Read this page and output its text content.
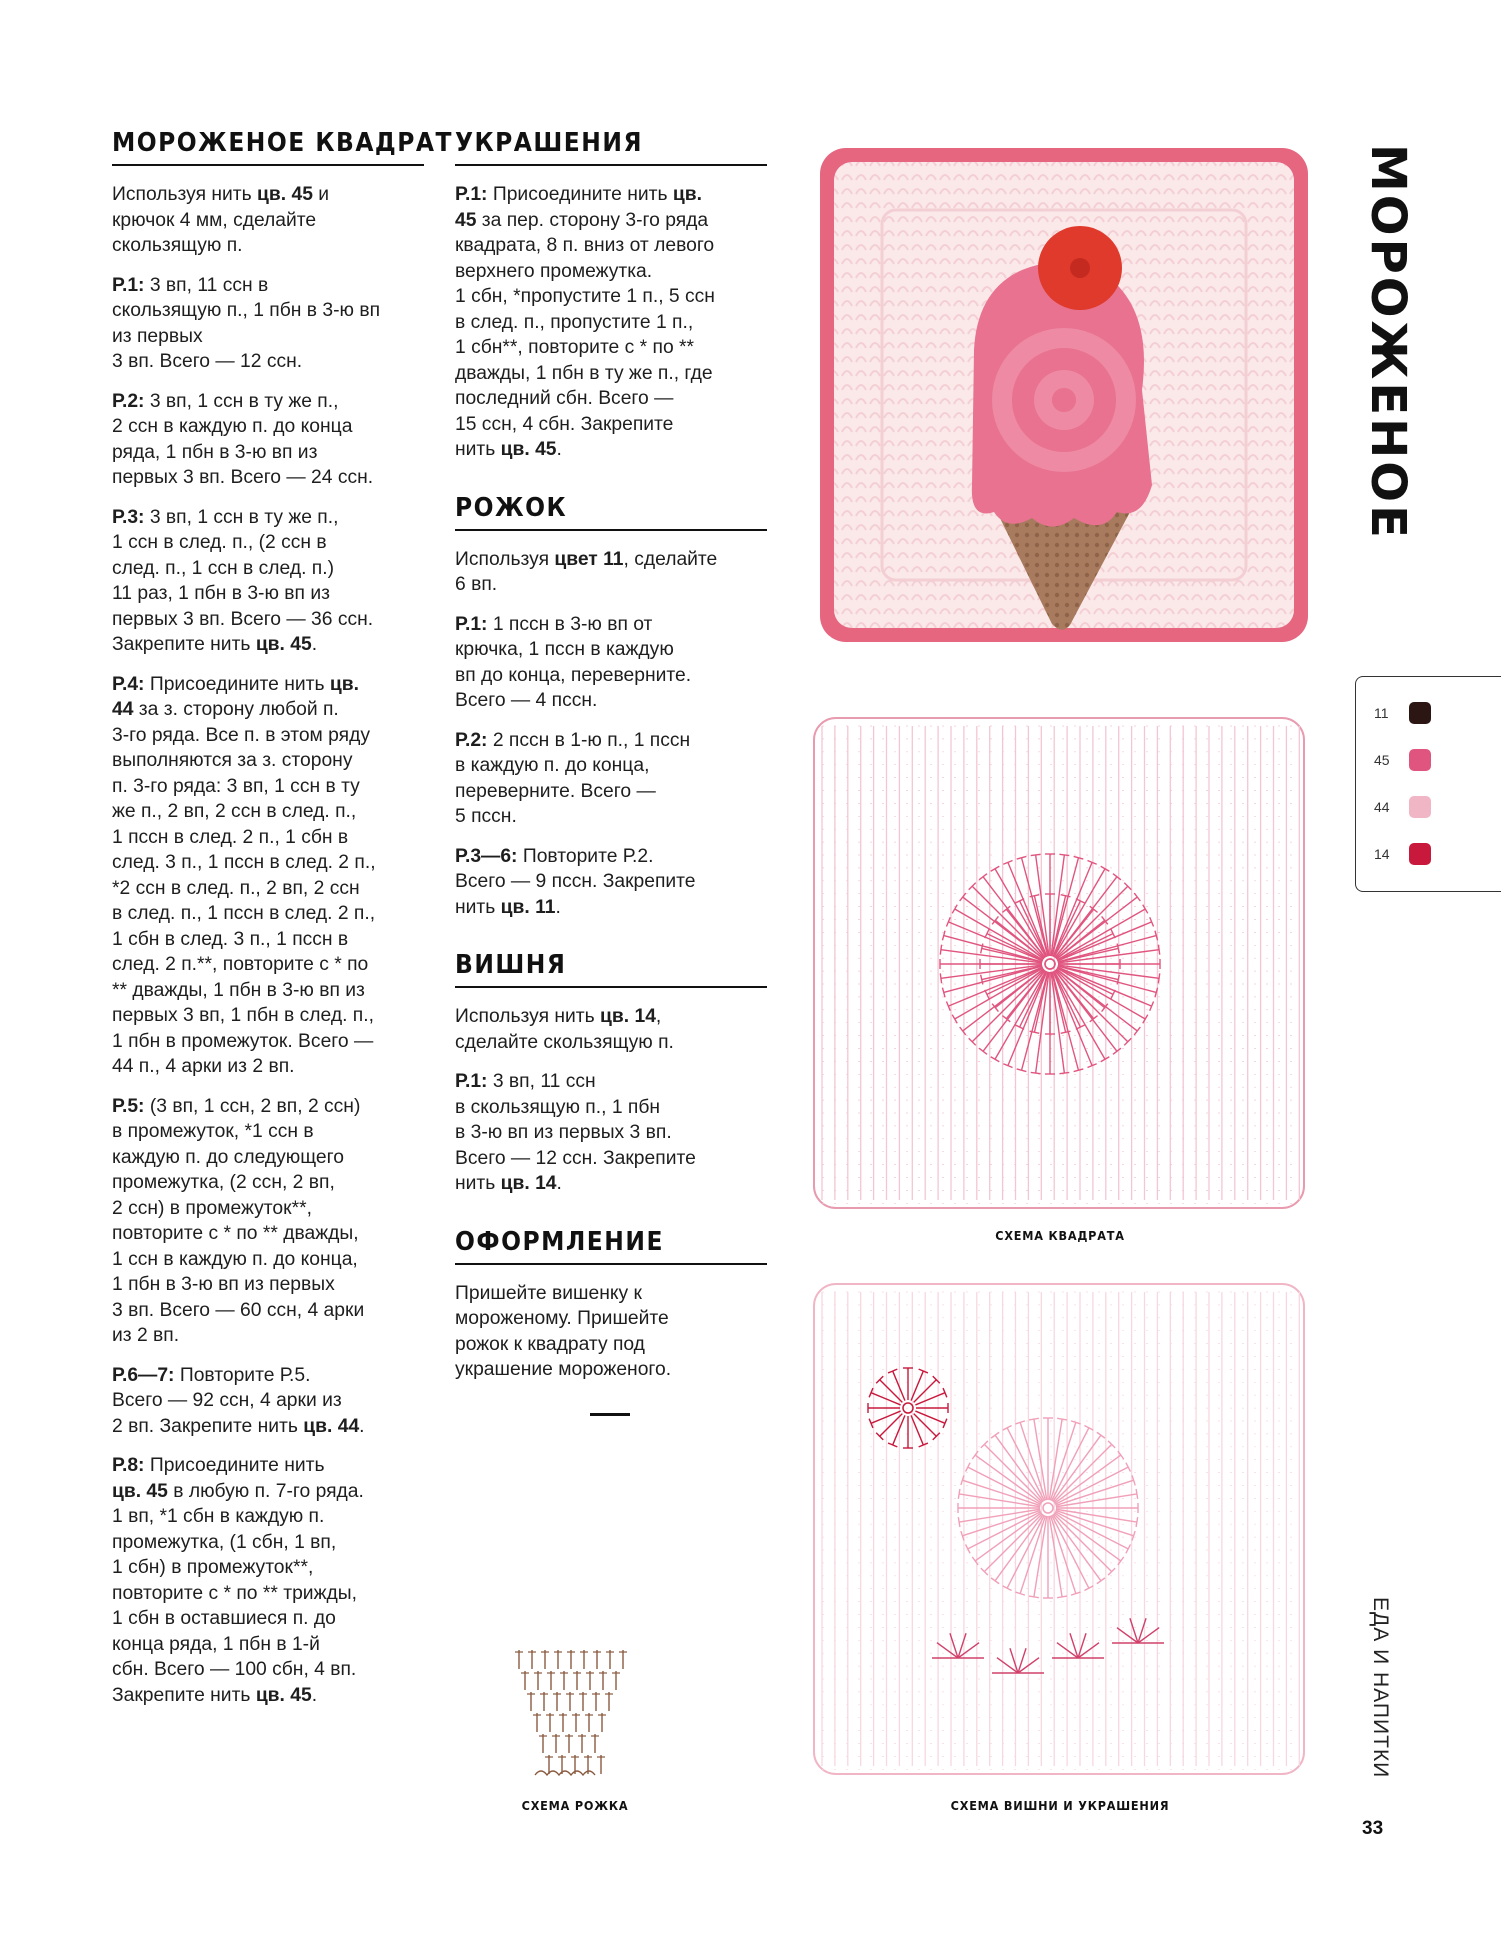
МОРОЖЕНОЕ КВАДРАТ
Используя нить цв. 45 и
крючок 4 мм, сделайте
скользящую п.
Р.1: 3 вп, 11 ссн в
скользящую п., 1 пбн в 3-ю вп
из первых
3 вп. Всего — 12 ссн.
Р.2: 3 вп, 1 ссн в ту же п.,
2 ссн в каждую п. до конца
ряда, 1 пбн в 3-ю вп из
первых 3 вп. Всего — 24 ссн.
Р.3: 3 вп, 1 ссн в ту же п.,
1 ссн в след. п., (2 ссн в
след. п., 1 ссн в след. п.)
11 раз, 1 пбн в 3-ю вп из
первых 3 вп. Всего — 36 ссн.
Закрепите нить цв. 45.
Р.4: Присоедините нить цв.
44 за з. сторону любой п.
3-го ряда. Все п. в этом ряду
выполняются за з. сторону
п. 3-го ряда: 3 вп, 1 ссн в ту
же п., 2 вп, 2 ссн в след. п.,
1 пссн в след. 2 п., 1 сбн в
след. 3 п., 1 пссн в след. 2 п.,
*2 ссн в след. п., 2 вп, 2 ссн
в след. п., 1 пссн в след. 2 п.,
1 сбн в след. 3 п., 1 пссн в
след. 2 п.**, повторите с * по
** дважды, 1 пбн в 3-ю вп из
первых 3 вп, 1 пбн в след. п.,
1 пбн в промежуток. Всего —
44 п., 4 арки из 2 вп.
Р.5: (3 вп, 1 ссн, 2 вп, 2 ссн)
в промежуток, *1 ссн в
каждую п. до следующего
промежутка, (2 ссн, 2 вп,
2 ссн) в промежуток**,
повторите с * по ** дважды,
1 ссн в каждую п. до конца,
1 пбн в 3-ю вп из первых
3 вп. Всего — 60 ссн, 4 арки
из 2 вп.
Р.6—7: Повторите Р.5.
Всего — 92 ссн, 4 арки из
2 вп. Закрепите нить цв. 44.
Р.8: Присоедините нить
цв. 45 в любую п. 7-го ряда.
1 вп, *1 сбн в каждую п.
промежутка, (1 сбн, 1 вп,
1 сбн) в промежуток**,
повторите с * по ** трижды,
1 сбн в оставшиеся п. до
конца ряда, 1 пбн в 1-й
сбн. Всего — 100 сбн, 4 вп.
Закрепите нить цв. 45.
УКРАШЕНИЯ
Р.1: Присоедините нить цв.
45 за пер. сторону 3-го ряда
квадрата, 8 п. вниз от левого
верхнего промежутка.
1 сбн, *пропустите 1 п., 5 ссн
в след. п., пропустите 1 п.,
1 сбн**, повторите с * по **
дважды, 1 пбн в ту же п., где
последний сбн. Всего —
15 ссн, 4 сбн. Закрепите
нить цв. 45.
РОЖОК
Используя цвет 11, сделайте
6 вп.
Р.1: 1 пссн в 3-ю вп от
крючка, 1 пссн в каждую
вп до конца, переверните.
Всего — 4 пссн.
Р.2: 2 пссн в 1-ю п., 1 пссн
в каждую п. до конца,
переверните. Всего —
5 пссн.
Р.3—6: Повторите Р.2.
Всего — 9 пссн. Закрепите
нить цв. 11.
ВИШНЯ
Используя нить цв. 14,
сделайте скользящую п.
Р.1: 3 вп, 11 ссн
в скользящую п., 1 пбн
в 3-ю вп из первых 3 вп.
Всего — 12 ссн. Закрепите
нить цв. 14.
ОФОРМЛЕНИЕ
Пришейте вишенку к
мороженому. Пришейте
рожок к квадрату под
украшение мороженого.
МОРОЖЕНОЕ
11
45
44
14
СХЕМА КВАДРАТА
СХЕМА ВИШНИ И УКРАШЕНИЯ
СХЕМА РОЖКА
ЕДА И НАПИТКИ
33
